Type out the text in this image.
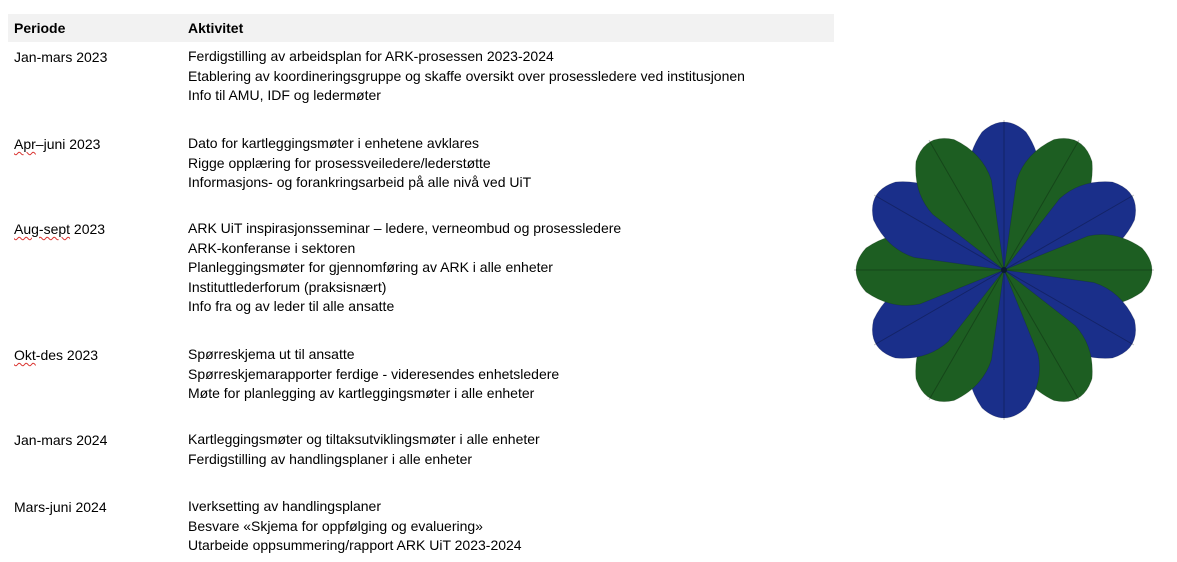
Periode	Aktivitet
Jan-mars 2023	Ferdigstilling av arbeidsplan for ARK-prosessen 2023-2024
Etablering av koordineringsgruppe og skaffe oversikt over prosessledere ved institusjonen
Info til AMU, IDF og ledermøter
Apr–juni 2023	Dato for kartleggingsmøter i enhetene avklares
Rigge opplæring for prosessveiledere/lederstøtte
Informasjons- og forankringsarbeid på alle nivå ved UiT
Aug-sept 2023	ARK UiT inspirasjonsseminar – ledere, verneombud og prosessledere
ARK-konferanse i sektoren
Planleggingsmøter for gjennomføring av ARK i alle enheter
Instituttlederforum (praksisnært)
Info fra og av leder til alle ansatte
Okt-des 2023	Spørreskjema ut til ansatte
Spørreskjemarapporter ferdige - videresendes enhetsledere
Møte for planlegging av kartleggingsmøter i alle enheter
Jan-mars 2024	Kartleggingsmøter og tiltaksutviklingsmøter i alle enheter
Ferdigstilling av handlingsplaner i alle enheter
Mars-juni 2024	Iverksetting av handlingsplaner
Besvare «Skjema for oppfølging og evaluering»
Utarbeide oppsummering/rapport ARK UiT 2023-2024
